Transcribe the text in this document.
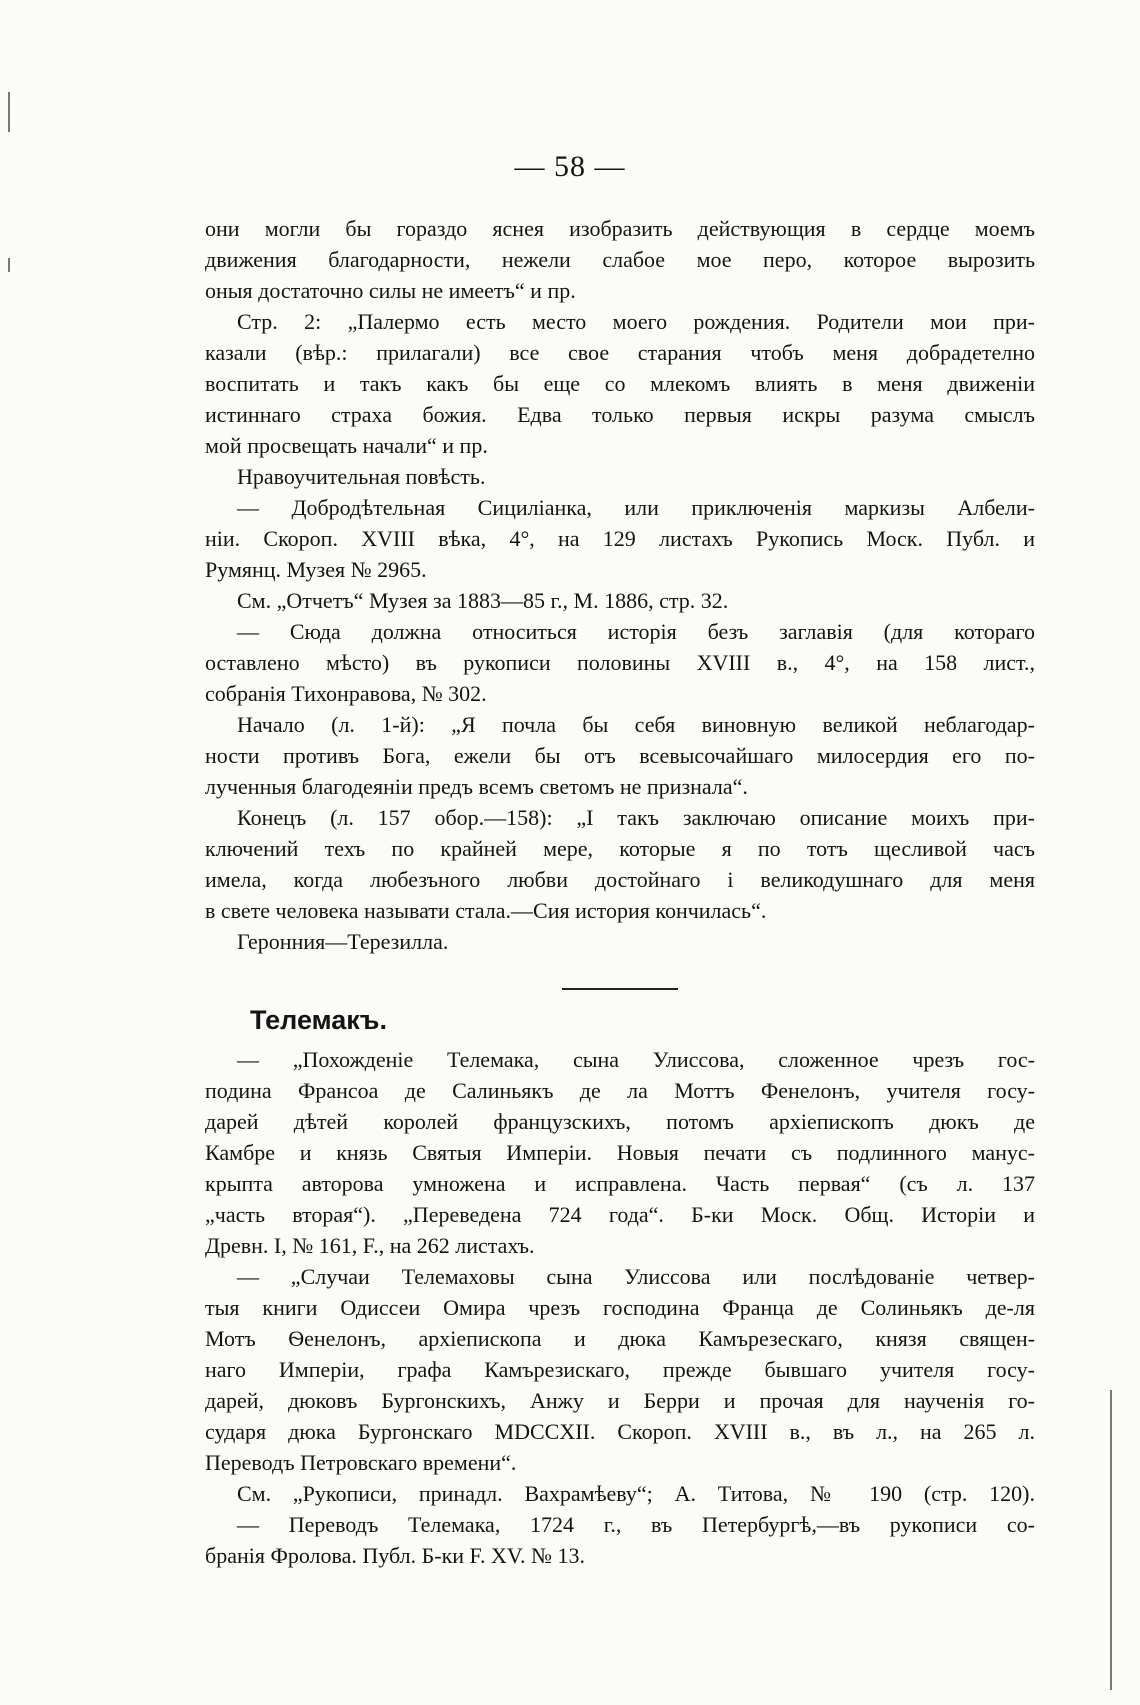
— 58 —
они могли бы гораздо яснея изобразить действующия в сердце моемъ
движения благодарности, нежели слабое мое перо, которое вырозить
оныя достаточно силы не имеетъ“ и пр.
Стр. 2: „Палермо есть место моего рождения. Родители мои при-
казали (вѣр.: прилагали) все свое старания чтобъ меня добрадетелно
воспитать и такъ какъ бы еще со млекомъ влиять в меня движеніи
истиннаго страха божия. Едва только первыя искры разума смыслъ
мой просвещать начали“ и пр.
Нравоучительная повѣсть.
— Добродѣтельная Сицилiанка, или приключенiя маркизы Албели-
нiи. Скороп. XVIII вѣка, 4°, на 129 листахъ Рукопись Моск. Публ. и
Румянц. Музея № 2965.
См. „Отчетъ“ Музея за 1883—85 г., М. 1886, стр. 32.
— Сюда должна относиться исторiя безъ заглавiя (для котораго
оставлено мѣсто) въ рукописи половины XVIII в., 4°, на 158 лист.,
собранiя Тихонравова, № 302.
Начало (л. 1-й): „Я почла бы себя виновную великой неблагодар-
ности противъ Бога, ежели бы отъ всевысочайшаго милосердия его по-
лученныя благодеянiи предъ всемъ светомъ не признала“.
Конецъ (л. 157 обор.—158): „I такъ заключаю описание моихъ при-
ключений техъ по крайней мере, которые я по тотъ щесливой часъ
имела, когда любезъного любви достойнаго i великодушнаго для меня
в свете человека называти стала.—Сия история кончилась“.
Геронния—Терезилла.
Телемакъ.
— „Похожденiе Телемака, сына Улиссова, сложенное чрезъ гос-
подина Франсоа де Салиньякъ де ла Моттъ Фенелонъ, учителя госу-
дарей дѣтей королей французскихъ, потомъ архiепископъ дюкъ де
Камбре и князь Святыя Имперiи. Новыя печати съ подлинного манус-
крыпта авторова умножена и исправлена. Часть первая“ (съ л. 137
„часть вторая“). „Переведена 724 года“. Б-ки Моск. Общ. Исторiи и
Древн. I, № 161, F., на 262 листахъ.
— „Случаи Телемаховы сына Улиссова или послѣдованiе четвер-
тыя книги Одиссеи Омира чрезъ господина Франца де Солиньякъ де-ля
Мотъ Ѳенелонъ, архiепископа и дюка Камърезескаго, князя священ-
наго Имперiи, графа Камърезискаго, прежде бывшаго учителя госу-
дарей, дюковъ Бургонскихъ, Анжу и Берри и прочая для наученiя го-
сударя дюка Бургонскаго MDCCXII. Скороп. XVIII в., въ л., на 265 л.
Переводъ Петровскаго времени“.
См. „Рукописи, принадл. Вахрамѣеву“; А. Титова, № 190 (стр. 120).
— Переводъ Телемака, 1724 г., въ Петербургѣ,—въ рукописи со-
бранiя Фролова. Публ. Б-ки F. XV. № 13.
